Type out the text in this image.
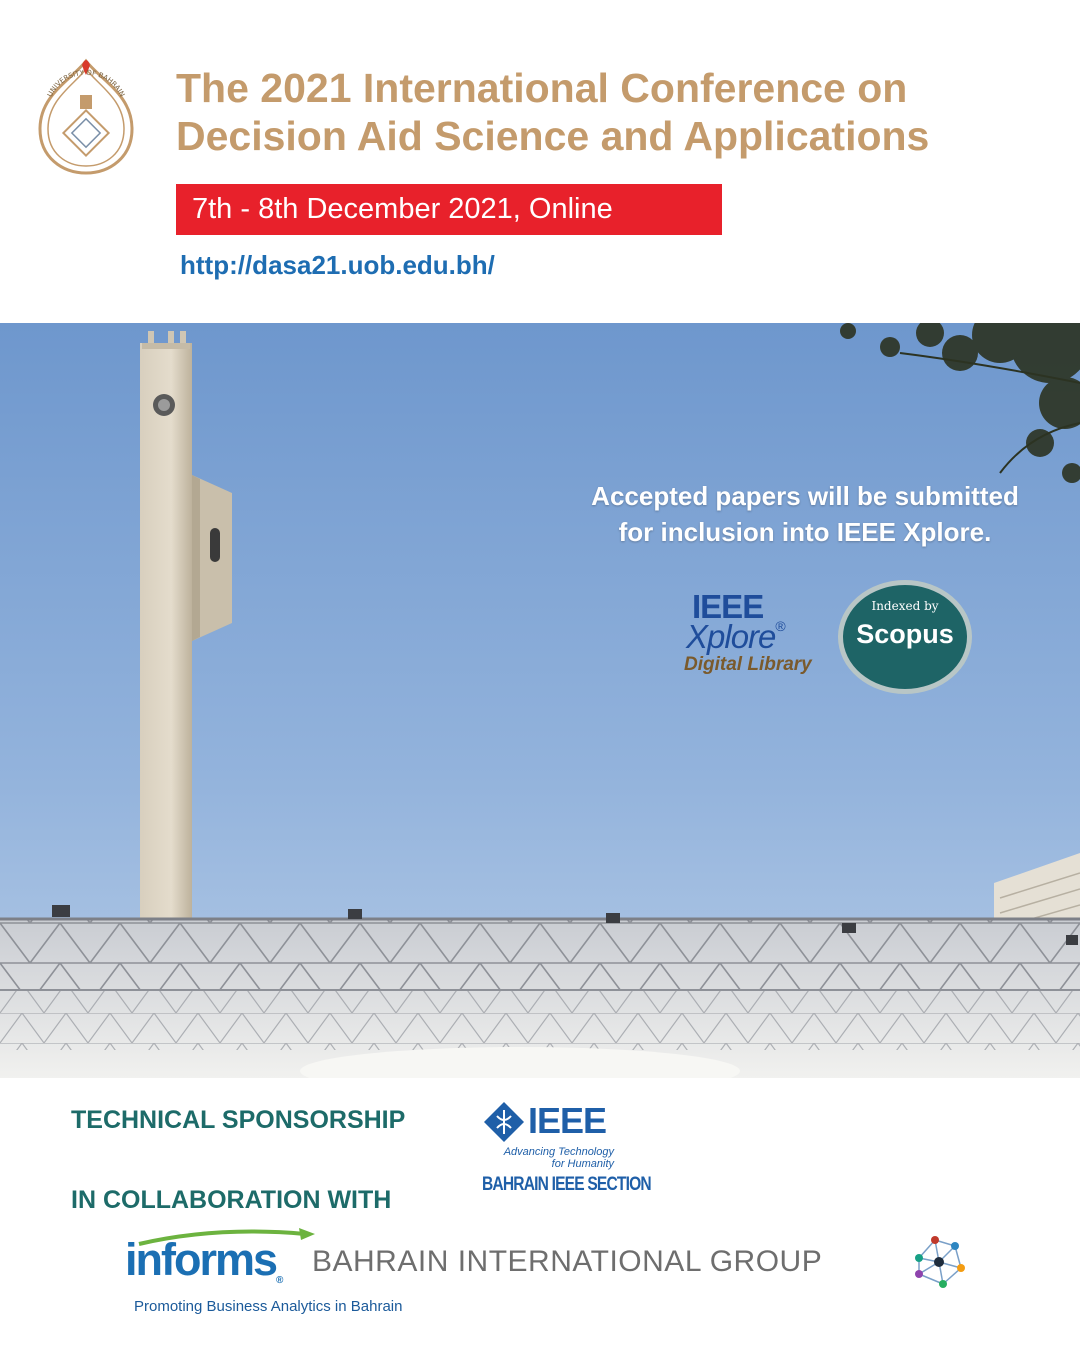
UNIVERSITY OF BAHRAIN The 2021 International Conference on
Decision Aid Science and Applications
7th - 8th December 2021, Online
http://dasa21.uob.edu.bh/
Accepted papers will be submitted
for inclusion into IEEE Xplore.
IEEE
Xplore®
Digital Library
Indexed by
Scopus
TECHNICAL SPONSORSHIP	IEEE
Advancing Technology
for Humanity
BAHRAIN IEEE SECTION
IN COLLABORATION WITH
informs®
BAHRAIN INTERNATIONAL GROUP
Promoting Business Analytics in Bahrain
